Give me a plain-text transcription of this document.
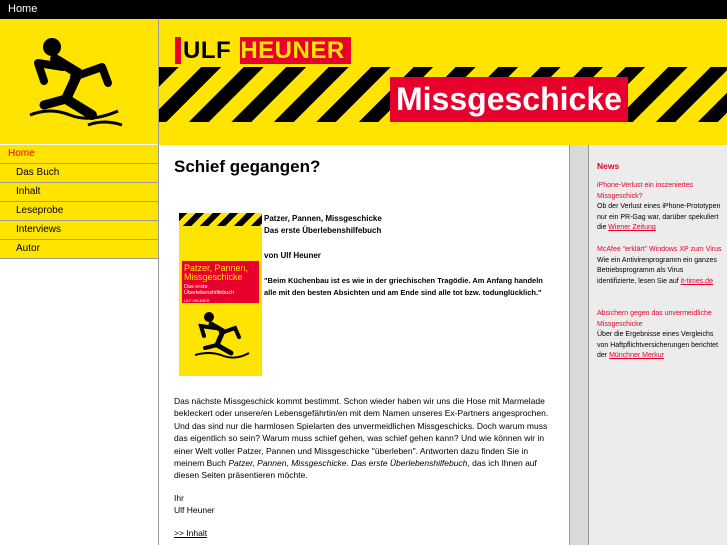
Home
ULF HEUNER
Missgeschicke
Home
Das Buch
Inhalt
Leseprobe
Interviews
Autor
Schief gegangen?
Patzer, Pannen, Missgeschicke
Das erste Überlebenshilfebuch
ULF HEUNER

Patzer, Pannen, Missgeschicke

Das erste Überlebenshilfebuch

von Ulf Heuner

"Beim Küchenbau ist es wie in der griechischen Tragödie. Am Anfang handeln alle mit den besten Absichten und am Ende sind alle tot bzw. todunglücklich."

Das nächste Missgeschick kommt bestimmt. Schon wieder haben wir uns die Hose mit Marmelade bekleckert oder unsere/en Lebensgefährtin/en mit dem Namen unseres Ex-Partners angesprochen. Und das sind nur die harmlosen Spielarten des unvermeidlichen Missgeschicks. Doch warum muss das eigentlich so sein? Warum muss schief gehen, was schief gehen kann? Und wie können wir in einer Welt voller Patzer, Pannen und Missgeschicke "überleben". Antworten dazu finden Sie in meinem Buch Patzer, Pannen, Missgeschicke. Das erste Überlebenshilfebuch, das ich Ihnen auf diesen Seiten präsentieren möchte.

Ihr
Ulf Heuner
>> Inhalt
News
iPhone-Verlust ein inszeniertes Missgeschick?
Ob der Verlust eines iPhone-Prototypen nur ein PR-Gag war, darüber spekuliert die Wiener Zeitung
McAfee "erklärt" Windows XP zum Virus
Wie ein Antivirenprogramm ein ganzes Betriebsprogramm als Virus identifizierte, lesen Sie auf it-times.de
Absichern gegen das unvermeidliche Missgeschicke
Über die Ergebnisse eines Vergleichs von Haftpflichtversicherungen berichtet der Münchner Merkur
